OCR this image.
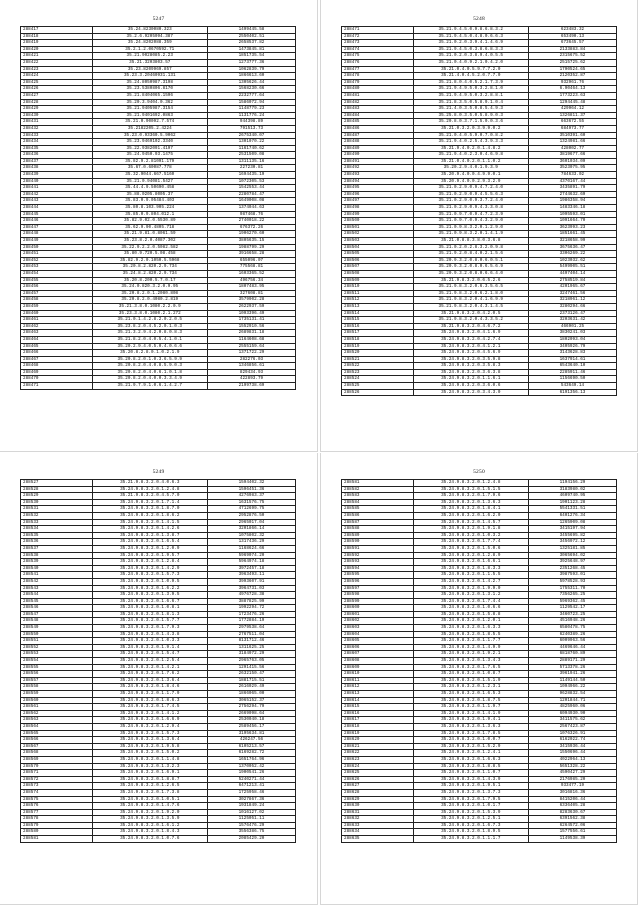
5247
288417	35.24.8230080.323	1499445.58
288418	35.2.6.9205094.387	2550402.51
288419	35.24.8202088.359	2658537.82
288420	35.2.1.2.0670592.71	1473845.81
288421	35.21.9028085.2.23	1851735.54
288422	35.21.3203803.57	1273777.36
288423	35.23.8209969.857	1062839.79
288424	35.23.3.20460931.131	1866613.60
288425	35.24.8050987.3198	1305626.44
288426	35.23.5380806.8170	1568230.66
288427	35.21.8404065.1596	2232777.64
288428	35.20.3.9404.0.362	1586072.94
288429	35.21.9405987.3154	1148779.23
288430	35.21.9401692.0863	1131776.24
288431	35.21.0.90092.7.574	944398.89
288432	35.2182205.2.4224	791513.73
288433	35.23.0.93360.5.9062	2675340.07
288434	35.23.9469102.3340	1301070.22
288435	35.22.9382091.4197	1161740.62
288436	35.24.9450.93.1475	2531509.08
288437	35.82.9.2.81091.179	1311135.16
288438	35.67.0.60087.778	227230.81
288439	35.32.9044.667.5160	1694435.19
288440	35.21.0.94081.5427	1072305.53
288441	35.44.4.9.50690.458	1542553.44
288442	35.88.0205.8005.37	2280784.47
288443	35.83.0.9.05484.403	1649008.08
288444	35.80.8.103.905.224	1374044.63
288445	35.85.0.9.804.012.1	987468.76
288446	35.82.9.02.0.5530.89	2740018.22
288447	35.62.9.90.4805.718	676372.26
288448	35.21.9.81.0.8061.59	1906270.60
288449	35.23.8.2.0.4087.302	3805635.15
288450	35.22.9.2.2.0.5082.582	1988799.29
288451	35.80.9.720.5.08.458	3916658.28
288452	35.82.9.2.0.1050.5.5968	655096.07
288453	35.20.8.2.820.2.9.734	775568.81
288454	35.24.8.2.820.2.9.734	1603365.52
288455	35.20.8.200.5.7.0.17	496756.34
288456	35.24.0.820.3.2.0.9.95	1807483.95
288457	35.20.8.2.0.1.2080.808	327608.81
288458	35.20.8.2.0.4080.2.819	3579902.28
288459	35.21.3.8.0.1080.2.2.0.9	2622937.59
288460	35.23.3.8.0.1080.2.1.272	1093396.49
288461	35.21.0.1.4.2.8.2.0.2.0.5	1735131.41
288462	35.23.8.2.0.4.5.2.0.1.0.3	1552910.56
288463	35.21.3.2.9.4.2.0.8.0.8.3	2689831.18
288464	35.21.8.2.0.4.0.5.4.1.0.1	1164608.68
288465	35.20.2.9.4.0.5.0.4.0.6.6	2555159.64
288466	35.20.8.2.8.0.1.0.2.1.9	1371722.29
288467	35.20.8.2.0.1.0.3.6.5.9.9	282276.03
288468	35.20.8.2.0.4.0.8.5.9.0.3	1346856.61
288469	35.20.8.2.0.4.0.6.1.0.1.8	829434.93
288470	35.20.8.2.0.4.0.0.3.3.4.9	422893.79
288471	35.21.9.7.9.1.0.6.1.4.2.7	2199738.69
5248
288471	35.21.9.4.5.0.9.8.6.8.3.2	623483.32
288472	35.21.9.4.5.0.4.8.0.6.6.3	653490.13
288473	35.21.0.2.0.3.9.4.1.4.6.9	673645.57
288474	35.21.9.4.5.0.3.8.6.8.3.3	2133883.84
288475	35.21.0.2.0.3.8.9.4.0.5.5	2315675.52
288476	35.21.0.4.0.9.2.1.0.4.2.0	2515725.62
288477	35.21.0.4.0.5.9.7.7.2.0	1790524.65
288478	35.21.4.0.4.5.2.0.7.7.0	2120352.87
288479	35.21.8.0.4.0.5.2.1.7.3.9	932961.76
288480	35.21.9.4.9.5.0.3.2.8.1.0	6.90464.13
288481	35.21.9.4.9.5.0.3.2.8.8.1	1773223.63
288482	35.21.8.3.5.0.5.8.9.1.0.4	1294445.48
288483	35.21.4.0.3.5.0.8.5.4.9.3	429964.12
288484	35.25.8.0.3.5.0.5.8.9.0.3	1326811.37
288485	35.20.8.0.3.7.1.5.0.0.3.6	663672.55
288486	35.21.0.3.2.0.3.9.9.0.2	684973.77
288487	35.21.0.4.0.5.9.0.7.0.8.2	3510391.60
288488	35.21.9.4.0.2.5.4.3.9.3.3	1324981.66
288489	35.21.9.4.0.2.0.1.4.8.2	428002.77
288490	35.21.9.4.0.2.3.0.4.6.9.8	3819677.66
288491	35.21.0.4.0.2.0.1.1.0.2	3601034.09
288492	35.20.2.9.4.0.1.9.3.9	3523075.95
288493	35.20.9.4.0.0.4.9.9.0.1	784633.02
288494	35.20.9.4.0.0.2.9.3.2.9	4370167.44
288495	35.21.0.2.9.0.9.4.7.2.4.0	3435891.79
288496	35.21.0.2.9.0.9.4.5.5.6.3	2744632.69
288497	35.21.0.2.9.0.9.3.7.2.4.0	1986358.94
288498	35.21.0.2.9.0.9.4.3.3.0.8	1483346.18
288499	35.21.0.9.7.0.9.4.7.2.3.9	1095593.01
288500	35.21.0.9.7.0.9.4.3.2.9.0	1091664.70
288501	35.21.0.9.8.3.2.0.1.2.9.0	3623993.23
288502	35.21.0.9.8.3.2.0.1.4.1.9	1851661.45
288503	35.21.0.8.8.3.8.0.3.6.8	3218658.99
288504	35.21.0.2.0.2.8.3.2.0.9.8	3675636.47
288505	35.21.9.2.0.8.4.0.2.1.5.6	3306269.22
288506	35.20.9.3.2.0.8.0.6.0.5.1	1023032.62
288507	35.20.9.3.2.0.8.0.6.5.6.9	5499905.51
288508	35.20.9.3.2.0.8.0.6.6.4.0	4497404.14
288509	35.21.9.8.3.2.0.6.5.2.6	2758519.84
288510	35.21.9.8.3.2.0.6.3.5.6.5	4201965.67
288511	35.21.9.8.3.2.0.6.2.1.8.0	3247461.56
288512	35.21.9.8.3.2.0.4.1.6.9.9	3218961.12
288513	35.21.9.8.3.2.0.4.3.1.4.5	3280294.66
288514	35.21.9.8.3.2.0.4.2.0.5	2373126.47
288515	35.21.9.8.3.2.0.4.3.3.5.2	3203631.42
288516	35.21.9.8.3.2.0.4.6.7.2	466901.25
288517	35.24.9.8.3.2.0.4.1.6.9	3830241.03
288518	35.24.9.8.3.2.0.4.2.7.4	1802093.04
288519	35.24.9.8.3.2.0.4.1.2.1	3405926.79
288520	35.24.9.8.3.2.0.4.5.6.9	3143628.83
288521	35.24.9.8.3.2.0.3.5.9.8	1637914.61
288522	35.24.9.8.3.2.0.3.5.8.3	6543640.10
288523	35.24.9.8.3.2.0.3.6.3.8	2285911.46
288524	35.24.9.8.3.2.0.1.1.6.1	1156690.50
288525	35.24.9.8.3.2.0.3.6.0.6	543649.14
288526	35.24.9.8.3.2.0.3.4.3.0	6191356.13
5249
288527	35.21.9.8.3.2.0.4.0.6.3	1594402.32
288528	35.24.9.8.3.2.0.1.2.4.8	1596451.36
288529	35.21.9.8.3.2.0.4.5.7.0	4276983.37
288530	35.24.9.8.3.2.0.1.7.1.4	1631576.75
288531	35.24.9.8.3.2.0.1.8.7.0	4712699.75
288532	35.24.9.8.3.2.0.1.8.6.2	2952876.50
288533	35.24.9.8.3.2.0.1.4.1.5	2965017.04
288534	35.24.9.8.3.2.0.1.4.2.6	3201866.14
288535	35.24.9.8.3.2.0.1.3.8.7	1075802.32
288536	35.24.9.8.3.2.0.1.6.5.4	1317436.29
288537	35.24.9.8.3.2.0.1.2.0.9	1168624.66
288538	35.24.9.8.3.2.0.1.9.5.7	5969074.20
288539	35.24.9.8.3.2.0.1.2.8.4	5964974.18
288540	35.24.9.8.3.2.0.1.4.2.9	3972457.18
288541	35.24.9.8.3.2.0.1.5.7.3	3963493.11
288542	35.24.9.8.3.2.0.1.0.9.5	3993607.91
288543	35.24.9.8.3.2.0.1.6.2.2	3964731.03
288544	35.24.9.8.3.2.0.1.3.9.5	4976728.38
288545	35.24.9.8.3.2.0.1.6.6.7	3887825.99
288546	35.24.9.8.3.2.0.1.0.8.1	1992294.72
288547	35.24.9.8.3.2.0.1.8.1.3	1723476.26
288548	35.24.9.8.3.2.0.1.5.7.7	1772884.19
288549	35.24.9.8.3.2.0.1.7.9.3	2979538.64
288550	35.24.9.8.3.2.0.1.4.3.8	2767511.04
288551	35.24.9.8.3.2.0.1.0.3.3	8131712.46
288552	35.24.9.8.3.2.0.1.9.1.4	1311625.25
288553	35.24.9.8.3.2.0.1.5.4.7	3184972.29
288554	35.24.9.8.3.2.0.1.2.5.4	2965763.05
288555	35.24.9.8.3.2.0.1.4.2.1	1291415.56
288556	35.24.9.8.3.2.0.1.7.6.2	2632150.47
288557	35.24.9.8.3.2.0.1.3.6.4	1881715.51
288558	35.24.9.8.3.2.0.1.8.4.6	2616029.49
288559	35.24.9.8.3.2.0.1.1.7.9	1866065.00
288560	35.24.9.8.3.2.0.1.8.6.3	3065152.37
288561	35.24.9.8.3.2.0.1.7.4.5	2756294.79
288562	35.24.9.8.3.2.0.1.4.1.2	2669098.64
288563	35.24.9.8.3.2.0.1.6.6.9	2530040.18
288564	35.24.9.8.3.2.0.1.2.9.4	2589456.17
288565	35.24.9.8.3.2.0.1.5.7.3	3195634.81
288566	35.24.9.8.3.2.0.1.3.6.4	426247.56
288567	35.24.9.8.3.2.0.1.9.5.8	6105213.57
288568	35.24.9.8.3.2.0.1.5.0.2	6169282.72
288569	35.24.9.8.3.2.0.1.1.4.8	1651764.96
288570	35.24.9.8.3.2.0.1.3.2.3	1370052.42
288571	35.24.9.8.3.2.0.1.6.9.1	1900541.26
288572	35.24.9.8.3.2.0.1.8.8.7	5240271.44
288573	35.24.9.8.3.2.0.1.2.6.5	6471213.41
288574	35.24.9.8.3.2.0.1.7.3.8	1725958.46
288575	35.24.9.8.3.2.0.1.0.5.1	3027867.36
288576	35.24.9.8.3.2.0.1.4.7.6	1931849.24
288577	35.24.9.8.3.2.0.1.9.2.0	1016127.02
288578	35.24.9.8.3.2.0.1.3.5.9	1125051.11
288579	35.24.9.8.3.2.0.1.6.1.2	1576476.29
288580	35.24.9.8.3.2.0.1.8.4.3	3556386.75
288581	35.24.9.8.3.2.0.1.0.7.6	2085429.20
5250
288581	35.24.9.8.3.2.0.1.2.4.8	1194156.29
288582	35.24.9.8.3.2.0.1.5.1.5	3183980.02
288583	35.24.9.8.3.2.0.1.7.9.6	4609740.95
288584	35.24.9.8.3.2.0.1.3.6.3	1901123.28
288585	35.24.9.8.3.2.0.1.8.4.1	5541331.51
288586	35.24.9.8.3.2.0.1.6.2.0	6401276.34
288587	35.24.9.8.3.2.0.1.4.5.7	1265909.08
288588	35.24.9.8.3.2.0.1.9.1.8	3415197.94
288589	35.24.9.8.3.2.0.1.0.3.2	3455695.82
288590	35.24.9.8.3.2.0.1.7.7.4	3456972.12
288591	35.24.9.8.3.2.0.1.5.0.6	1325181.85
288592	35.24.9.8.3.2.0.1.2.8.9	3065694.02
288593	35.24.9.8.3.2.0.1.6.6.1	3925648.97
288594	35.24.9.8.3.2.0.1.8.3.3	2351268.45
288595	35.24.9.8.3.2.0.1.1.5.5	3987593.01
288596	35.24.9.8.3.2.0.1.4.2.7	5978528.93
288597	35.24.9.8.3.2.0.1.9.9.0	1755311.70
288598	35.24.9.8.3.2.0.1.3.1.2	7356265.25
288599	35.24.9.8.3.2.0.1.7.4.4	5969362.45
288600	35.24.9.8.3.2.0.1.0.6.6	1129542.17
288601	35.24.9.8.3.2.0.1.5.8.8	3460723.25
288602	35.24.9.8.3.2.0.1.2.0.1	4516948.26
288603	35.24.9.8.3.2.0.1.6.3.3	6580478.75
288604	35.24.9.8.3.2.0.1.8.5.5	6240389.26
288605	35.24.9.8.3.2.0.1.1.7.7	6009963.56
288606	35.24.9.8.3.2.0.1.4.9.9	4469646.44
288607	35.24.9.8.3.2.0.1.9.2.1	6818760.89
288608	35.24.9.8.3.2.0.1.3.4.3	2889171.29
288609	35.24.9.8.3.2.0.1.7.6.5	5713378.26
288610	35.24.9.8.3.2.0.1.0.8.7	3961941.26
288611	35.24.9.8.3.2.0.1.5.1.9	1149144.50
288612	35.24.9.8.3.2.0.1.2.3.1	1094966.22
288613	35.24.9.8.3.2.0.1.6.5.3	9628832.54
288614	35.24.9.8.3.2.0.1.8.7.5	1201844.71
288615	35.24.9.8.3.2.0.1.1.9.7	4825960.06
288616	35.24.9.8.3.2.0.1.4.1.9	6094930.90
288617	35.24.9.8.3.2.0.1.9.4.1	3411575.62
288618	35.24.9.8.3.2.0.1.3.6.3	2567423.87
288619	35.24.9.8.3.2.0.1.7.8.5	1076326.91
288620	35.24.9.8.3.2.0.1.0.0.7	6162022.74
288621	35.24.9.8.3.2.0.1.5.2.9	3415936.44
288622	35.24.9.8.3.2.0.1.2.4.1	1550696.44
288623	35.24.9.8.3.2.0.1.6.6.3	4022964.13
288624	35.24.9.8.3.2.0.1.8.8.5	5651328.22
288625	35.24.9.8.3.2.0.1.1.0.7	4590427.29
288626	35.24.9.8.3.2.0.1.4.3.9	2176985.20
288627	35.24.9.8.3.2.0.1.9.5.1	933477.19
288628	35.24.9.8.3.2.0.1.3.7.3	3016816.36
288629	35.24.9.8.3.2.0.1.7.9.5	8415206.44
288630	35.24.9.8.3.2.0.1.0.1.7	6336405.28
288631	35.24.9.8.3.2.0.1.5.3.9	8283630.67
288632	35.24.9.8.3.2.0.1.2.5.1	6391562.38
288633	35.24.9.8.3.2.0.1.6.7.3	6264572.06
288634	35.24.9.8.3.2.0.1.8.9.5	1577556.61
288635	35.24.9.8.3.2.0.1.1.1.7	1149538.39
